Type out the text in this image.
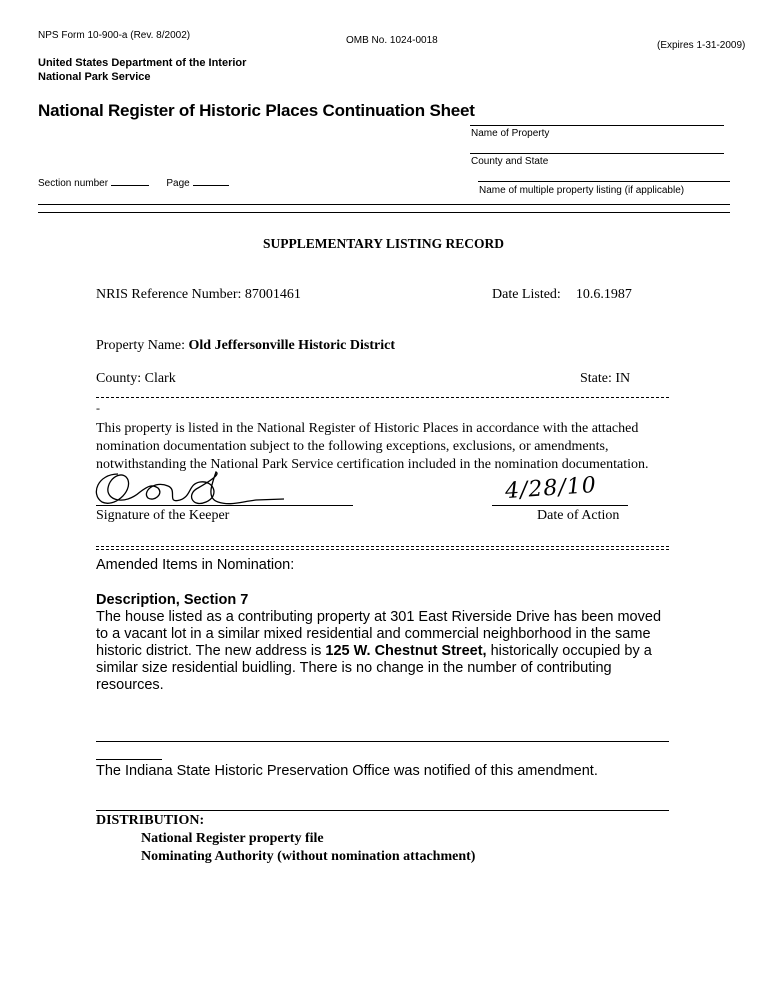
NPS Form 10-900-a (Rev. 8/2002)	OMB No. 1024-0018	(Expires 1-31-2009)
United States Department of the Interior
National Park Service
National Register of Historic Places Continuation Sheet
Name of Property
County and State
Name of multiple property listing (if applicable)
Section number	Page
SUPPLEMENTARY LISTING RECORD
NRIS Reference Number: 87001461	Date Listed: 10.6.1987
Property Name: Old Jeffersonville Historic District
County: Clark	State: IN
-
This property is listed in the National Register of Historic Places in accordance with the attached
nomination documentation subject to the following exceptions, exclusions, or amendments,
notwithstanding the National Park Service certification included in the nomination documentation.
Signature of the Keeper
4/28/10
Date of Action
Amended Items in Nomination:
Description, Section 7
The house listed as a contributing property at 301 East Riverside Drive has been moved
to a vacant lot in a similar mixed residential and commercial neighborhood in the same
historic district. The new address is 125 W. Chestnut Street, historically occupied by a
similar size residential buidling. There is no change in the number of contributing
resources.
The Indiana State Historic Preservation Office was notified of this amendment.
DISTRIBUTION:
National Register property file
Nominating Authority (without nomination attachment)
